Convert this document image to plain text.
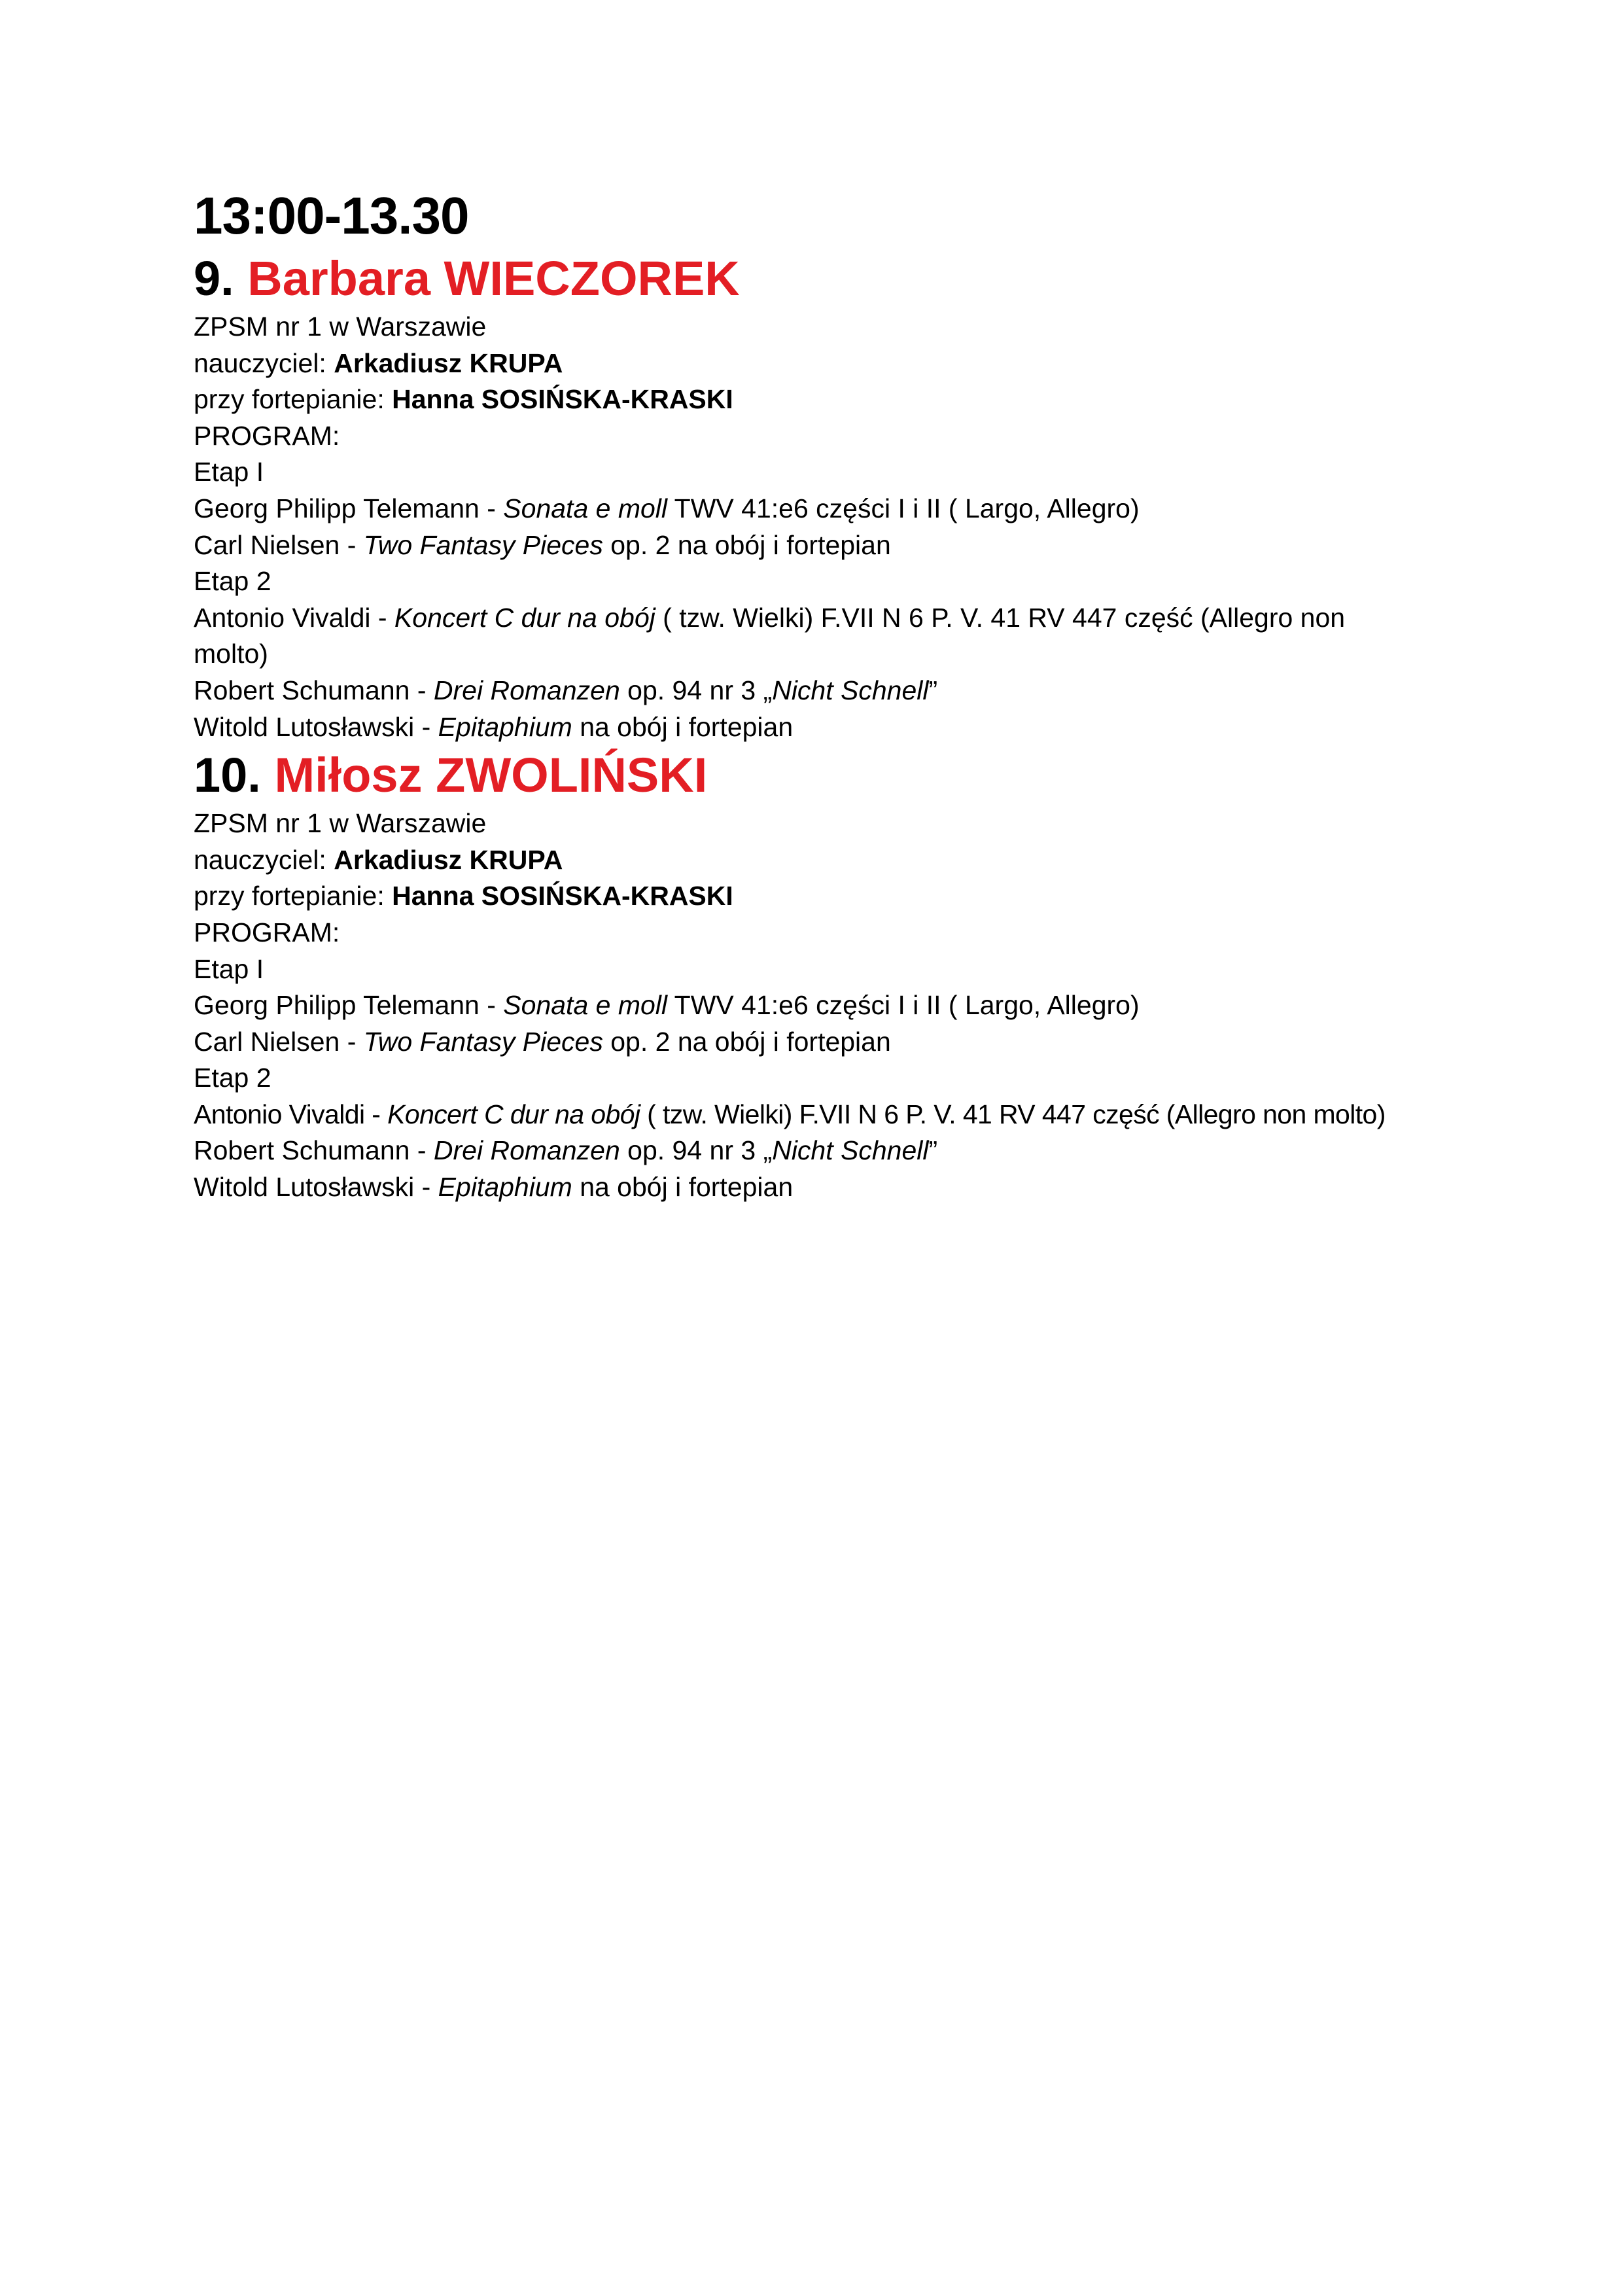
13:00-13.30

9. Barbara WIECZOREK

ZPSM nr 1 w Warszawie

nauczyciel: Arkadiusz KRUPA

przy fortepianie: Hanna SOSIŃSKA-KRASKI

PROGRAM:

Etap I

Georg Philipp Telemann - Sonata e moll TWV 41:e6 części I i II ( Largo, Allegro)

Carl Nielsen - Two Fantasy Pieces op. 2 na obój i fortepian

Etap 2

Antonio Vivaldi - Koncert C dur na obój ( tzw. Wielki) F.VII N 6 P. V. 41 RV 447 część (Allegro non molto)

Robert Schumann - Drei Romanzen op. 94 nr 3 „Nicht Schnell”

Witold Lutosławski - Epitaphium na obój i fortepian

10. Miłosz ZWOLIŃSKI

ZPSM nr 1 w Warszawie

nauczyciel: Arkadiusz KRUPA

przy fortepianie: Hanna SOSIŃSKA-KRASKI

PROGRAM:

Etap I

Georg Philipp Telemann - Sonata e moll TWV 41:e6 części I i II ( Largo, Allegro)

Carl Nielsen - Two Fantasy Pieces op. 2 na obój i fortepian

Etap 2

Antonio Vivaldi - Koncert C dur na obój ( tzw. Wielki) F.VII N 6 P. V. 41 RV 447 część (Allegro non molto)

Robert Schumann - Drei Romanzen op. 94 nr 3 „Nicht Schnell”

Witold Lutosławski - Epitaphium na obój i fortepian
